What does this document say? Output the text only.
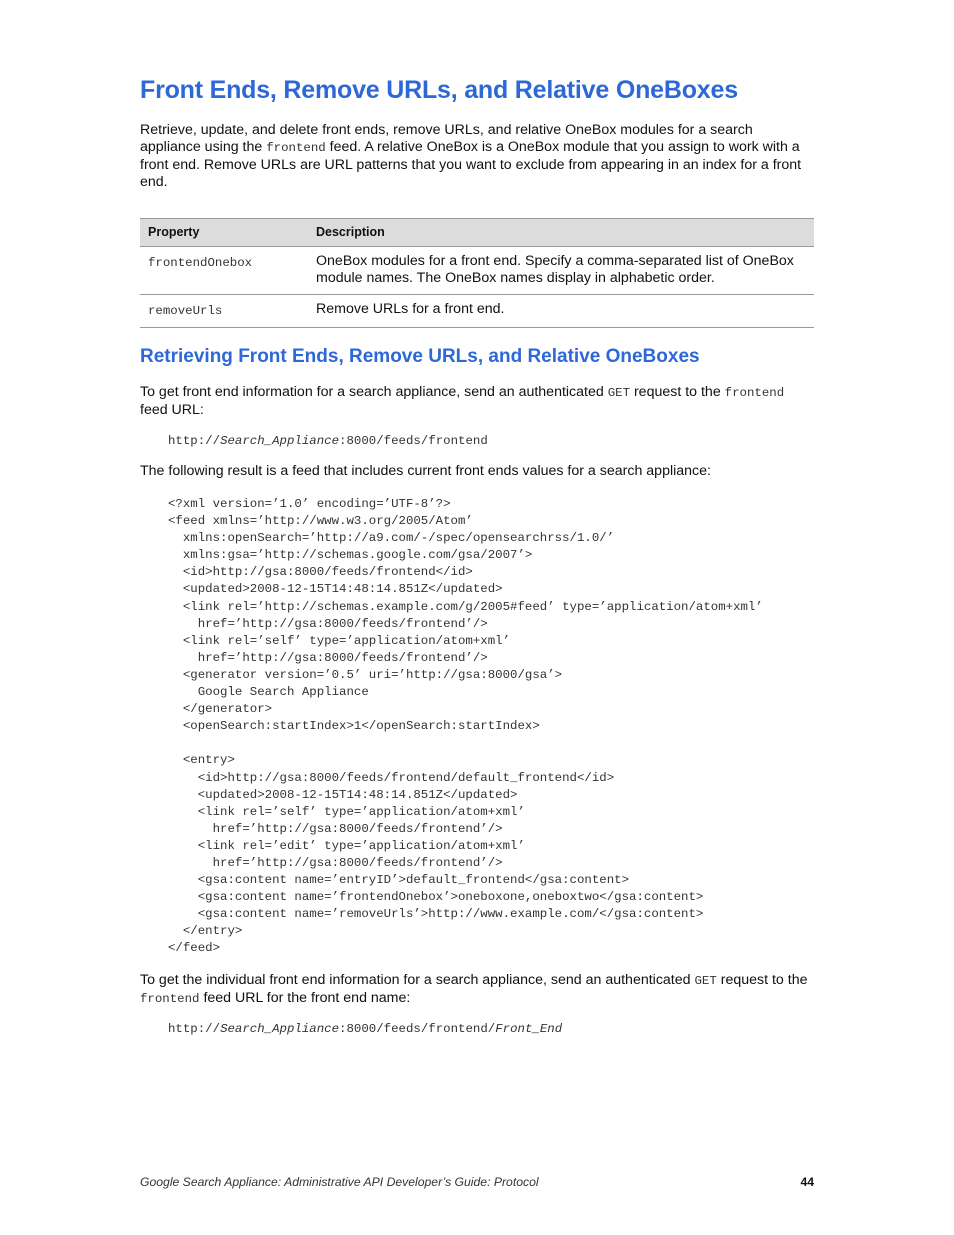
Front Ends, Remove URLs, and Relative OneBoxes

Retrieve, update, and delete front ends, remove URLs, and relative OneBox modules for a search appliance using the frontend feed. A relative OneBox is a OneBox module that you assign to work with a front end. Remove URLs are URL patterns that you want to exclude from appearing in an index for a front end.

Property	Description
frontendOnebox	OneBox modules for a front end. Specify a comma-separated list of OneBox module names. The OneBox names display in alphabetic order.
removeUrls	Remove URLs for a front end.
Retrieving Front Ends, Remove URLs, and Relative OneBoxes

To get front end information for a search appliance, send an authenticated GET request to the frontend
feed URL:

http://Search_Appliance:8000/feeds/frontend

The following result is a feed that includes current front ends values for a search appliance:

<?xml version=’1.0’ encoding=’UTF-8’?>
<feed xmlns=’http://www.w3.org/2005/Atom’
xmlns:openSearch=’http://a9.com/-/spec/opensearchrss/1.0/’
xmlns:gsa=’http://schemas.google.com/gsa/2007’>
<id>http://gsa:8000/feeds/frontend</id>
<updated>2008-12-15T14:48:14.851Z</updated>
<link rel=’http://schemas.example.com/g/2005#feed’ type=’application/atom+xml’
href=’http://gsa:8000/feeds/frontend’/>
<link rel=’self’ type=’application/atom+xml’
href=’http://gsa:8000/feeds/frontend’/>
<generator version=’0.5’ uri=’http://gsa:8000/gsa’>
Google Search Appliance
</generator>
<openSearch:startIndex>1</openSearch:startIndex>

<entry>
<id>http://gsa:8000/feeds/frontend/default_frontend</id>
<updated>2008-12-15T14:48:14.851Z</updated>
<link rel=’self’ type=’application/atom+xml’
href=’http://gsa:8000/feeds/frontend’/>
<link rel=’edit’ type=’application/atom+xml’
href=’http://gsa:8000/feeds/frontend’/>
<gsa:content name=’entryID’>default_frontend</gsa:content>
<gsa:content name=’frontendOnebox’>oneboxone,oneboxtwo</gsa:content>
<gsa:content name=’removeUrls’>http://www.example.com/</gsa:content>
</entry>
</feed>

To get the individual front end information for a search appliance, send an authenticated GET request to the frontend feed URL for the front end name:

http://Search_Appliance:8000/feeds/frontend/Front_End
Google Search Appliance: Administrative API Developer’s Guide: Protocol	44
